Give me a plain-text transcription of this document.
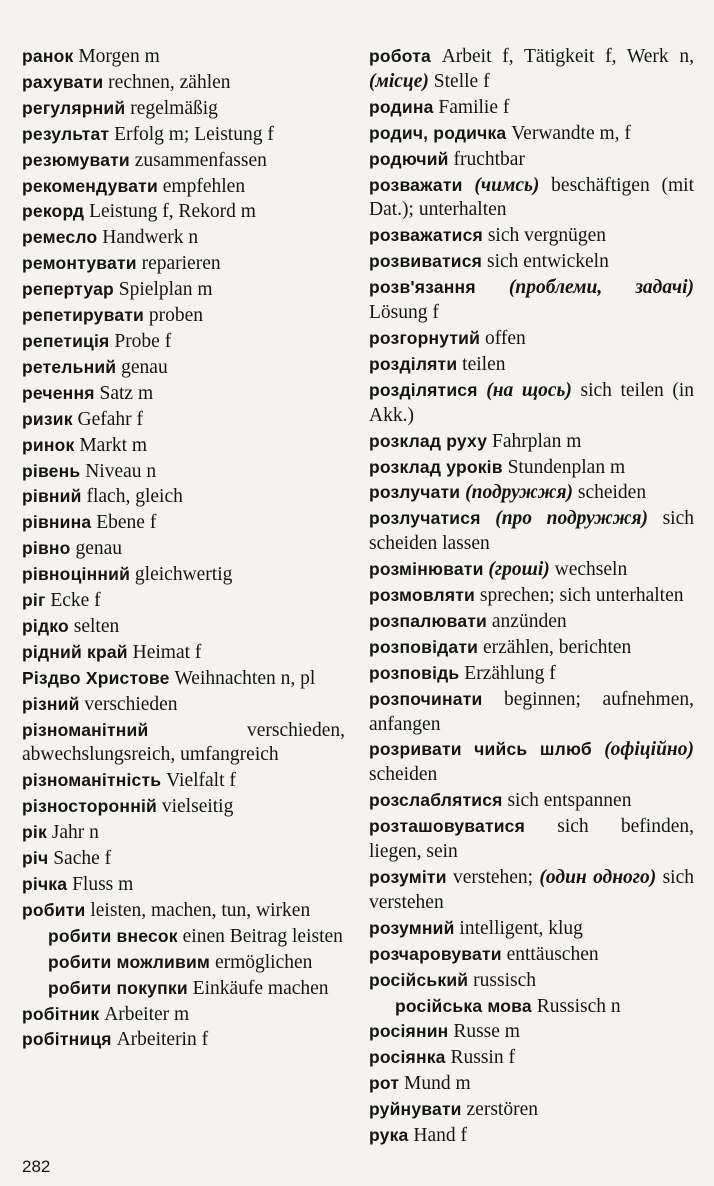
ранок Morgen m
рахувати rechnen, zählen
регулярний regelmäßig
результат Erfolg m; Leistung f
резюмувати zusammenfassen
рекомендувати empfehlen
рекорд Leistung f, Rekord m
ремесло Handwerk n
ремонтувати reparieren
репертуар Spielplan m
репетирувати proben
репетиція Probe f
ретельний genau
речення Satz m
ризик Gefahr f
ринок Markt m
рівень Niveau n
рівний flach, gleich
рівнина Ebene f
рівно genau
рівноцінний gleichwertig
ріг Ecke f
рідко selten
рідний край Heimat f
Різдво Христове Weihnachten n, pl
різний verschieden
різноманітний verschieden, abwechslungsreich, umfangreich
різноманітність Vielfalt f
різносторонній vielseitig
рік Jahr n
річ Sache f
річка Fluss m
робити leisten, machen, tun, wirken
робити внесок einen Beitrag leisten
робити можливим ermöglichen
робити покупки Einkäufe machen
робітник Arbeiter m
робітниця Arbeiterin f
робота Arbeit f, Tätigkeit f, Werk n, (місце) Stelle f
родина Familie f
родич, родичка Verwandte m, f
родючий fruchtbar
розважати (чимсь) beschäftigen (mit Dat.); unterhalten
розважатися sich vergnügen
розвиватися sich entwickeln
розв'язання (проблеми, задачі) Lösung f
розгорнутий offen
розділяти teilen
розділятися (на щось) sich teilen (in Akk.)
розклад руху Fahrplan m
розклад уроків Stundenplan m
розлучати (подружжя) scheiden
розлучатися (про подружжя) sich scheiden lassen
розмінювати (гроші) wechseln
розмовляти sprechen; sich unterhalten
розпалювати anzünden
розповідати erzählen, berichten
розповідь Erzählung f
розпочинати beginnen; aufnehmen, anfangen
розривати чийсь шлюб (офіційно) scheiden
розслаблятися sich entspannen
розташовуватися sich befinden, liegen, sein
розуміти verstehen; (один одного) sich verstehen
розумний intelligent, klug
розчаровувати enttäuschen
російський russisch
російська мова Russisch n
росіянин Russe m
росіянка Russin f
рот Mund m
руйнувати zerstören
рука Hand f
282
